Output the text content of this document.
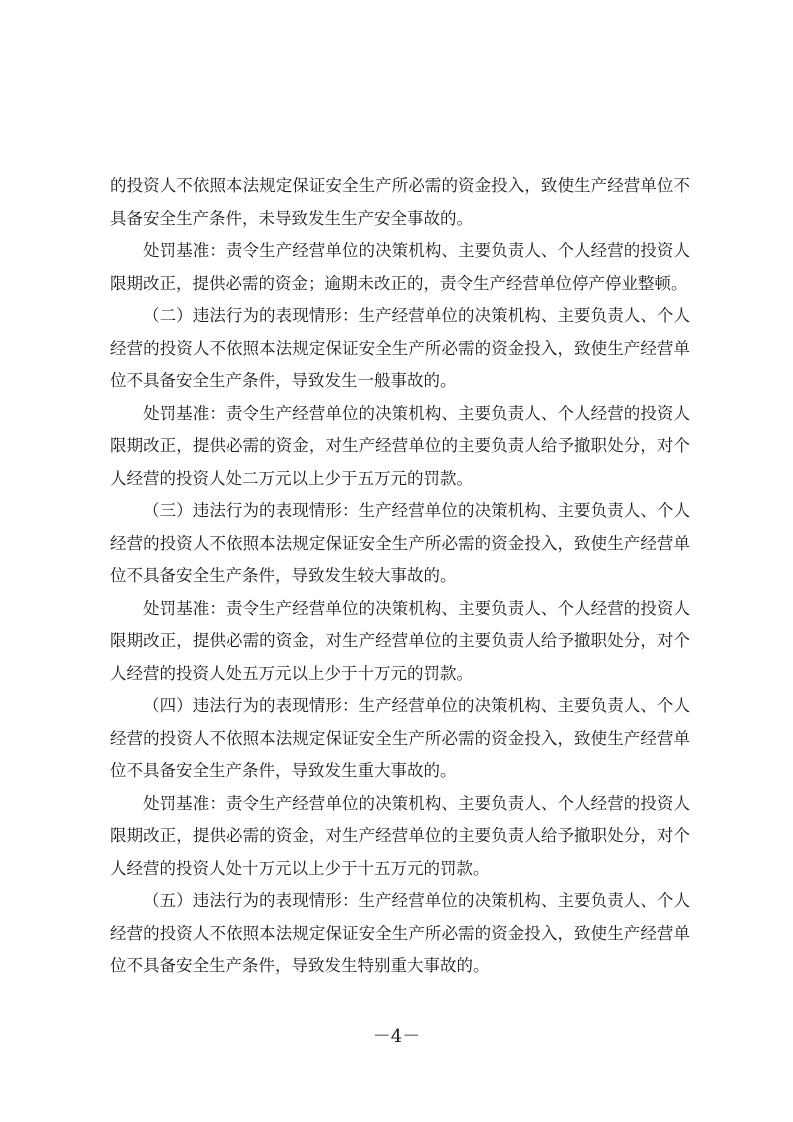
的投资人不依照本法规定保证安全生产所必需的资金投入，致使生产经营单位不具备安全生产条件，未导致发生生产安全事故的。

处罚基准：责令生产经营单位的决策机构、主要负责人、个人经营的投资人限期改正，提供必需的资金；逾期未改正的，责令生产经营单位停产停业整顿。

（二）违法行为的表现情形：生产经营单位的决策机构、主要负责人、个人经营的投资人不依照本法规定保证安全生产所必需的资金投入，致使生产经营单位不具备安全生产条件，导致发生一般事故的。

处罚基准：责令生产经营单位的决策机构、主要负责人、个人经营的投资人限期改正，提供必需的资金，对生产经营单位的主要负责人给予撤职处分，对个人经营的投资人处二万元以上少于五万元的罚款。

（三）违法行为的表现情形：生产经营单位的决策机构、主要负责人、个人经营的投资人不依照本法规定保证安全生产所必需的资金投入，致使生产经营单位不具备安全生产条件，导致发生较大事故的。

处罚基准：责令生产经营单位的决策机构、主要负责人、个人经营的投资人限期改正，提供必需的资金，对生产经营单位的主要负责人给予撤职处分，对个人经营的投资人处五万元以上少于十万元的罚款。

（四）违法行为的表现情形：生产经营单位的决策机构、主要负责人、个人经营的投资人不依照本法规定保证安全生产所必需的资金投入，致使生产经营单位不具备安全生产条件，导致发生重大事故的。

处罚基准：责令生产经营单位的决策机构、主要负责人、个人经营的投资人限期改正，提供必需的资金，对生产经营单位的主要负责人给予撤职处分，对个人经营的投资人处十万元以上少于十五万元的罚款。

（五）违法行为的表现情形：生产经营单位的决策机构、主要负责人、个人经营的投资人不依照本法规定保证安全生产所必需的资金投入，致使生产经营单位不具备安全生产条件，导致发生特别重大事故的。

－4－
